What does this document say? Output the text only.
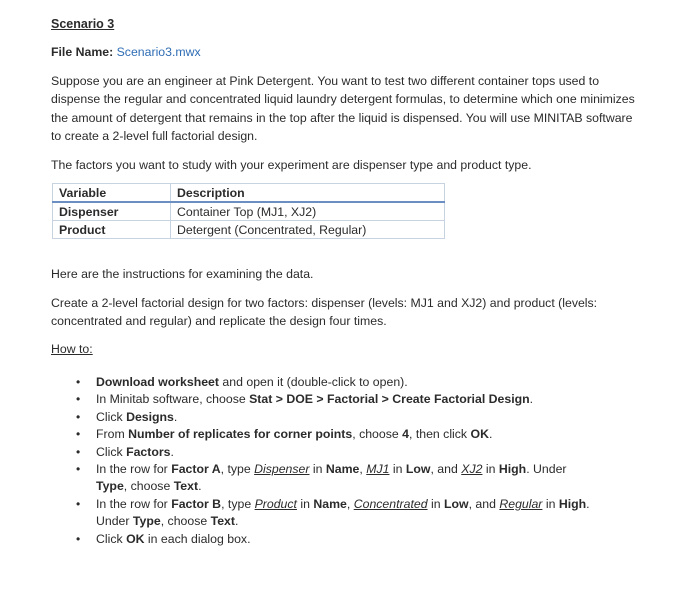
Scenario 3
File Name: Scenario3.mwx
Suppose you are an engineer at Pink Detergent. You want to test two different container tops used to dispense the regular and concentrated liquid laundry detergent formulas, to determine which one minimizes the amount of detergent that remains in the top after the liquid is dispensed. You will use MINITAB software to create a 2-level full factorial design.
The factors you want to study with your experiment are dispenser type and product type.
Variable	Description
Dispenser	Container Top (MJ1, XJ2)
Product	Detergent (Concentrated, Regular)
Here are the instructions for examining the data.
Create a 2-level factorial design for two factors: dispenser (levels: MJ1 and XJ2) and product (levels: concentrated and regular) and replicate the design four times.
How to:
• Download worksheet and open it (double-click to open).
• In Minitab software, choose Stat > DOE > Factorial > Create Factorial Design.
• Click Designs.
• From Number of replicates for corner points, choose 4, then click OK.
• Click Factors.
• In the row for Factor A, type Dispenser in Name, MJ1 in Low, and XJ2 in High. Under Type, choose Text.
• In the row for Factor B, type Product in Name, Concentrated in Low, and Regular in High. Under Type, choose Text.
• Click OK in each dialog box.
